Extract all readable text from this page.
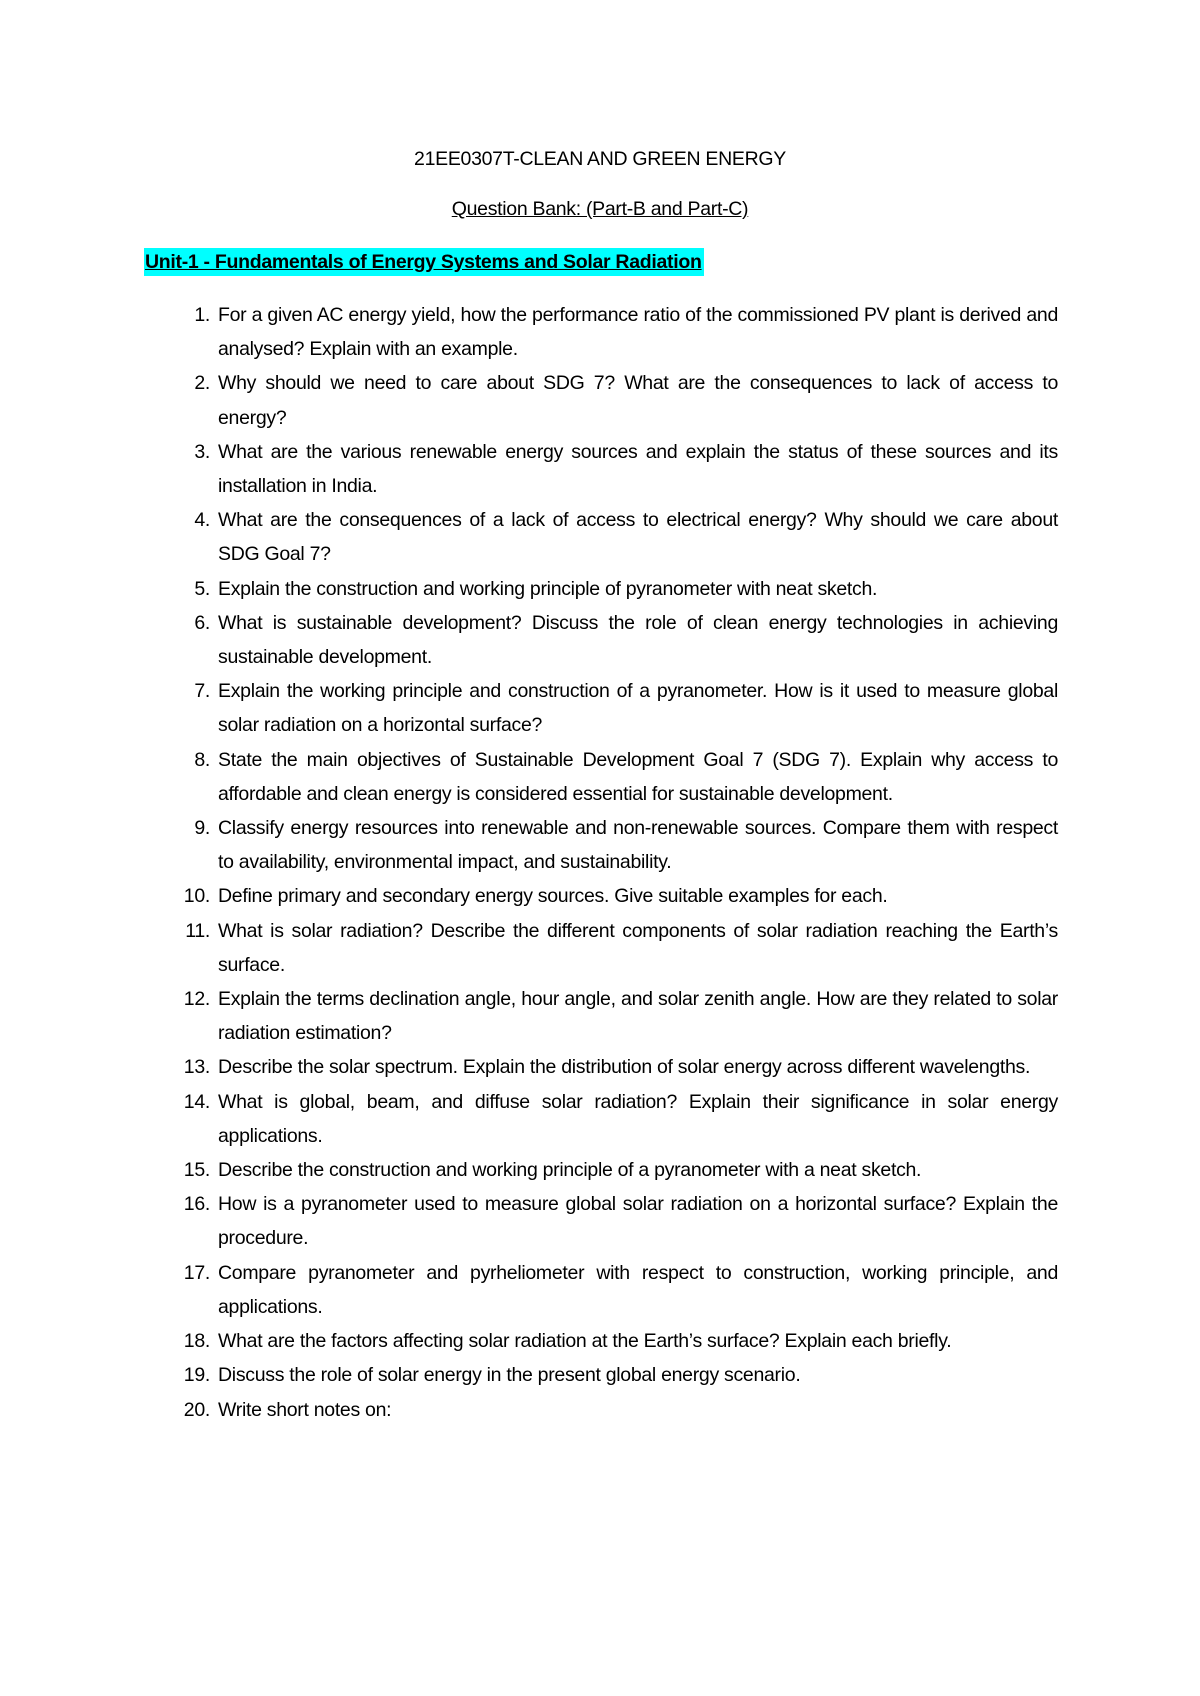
21EE0307T-CLEAN AND GREEN ENERGY
Question Bank: (Part-B and Part-C)
Unit-1 - Fundamentals of Energy Systems and Solar Radiation
1. For a given AC energy yield, how the performance ratio of the commissioned PV plant is derived and analysed? Explain with an example.
2. Why should we need to care about SDG 7? What are the consequences to lack of access to energy?
3. What are the various renewable energy sources and explain the status of these sources and its installation in India.
4. What are the consequences of a lack of access to electrical energy? Why should we care about SDG Goal 7?
5. Explain the construction and working principle of pyranometer with neat sketch.
6. What is sustainable development? Discuss the role of clean energy technologies in achieving sustainable development.
7. Explain the working principle and construction of a pyranometer. How is it used to measure global solar radiation on a horizontal surface?
8. State the main objectives of Sustainable Development Goal 7 (SDG 7). Explain why access to affordable and clean energy is considered essential for sustainable development.
9. Classify energy resources into renewable and non-renewable sources. Compare them with respect to availability, environmental impact, and sustainability.
10. Define primary and secondary energy sources. Give suitable examples for each.
11. What is solar radiation? Describe the different components of solar radiation reaching the Earth’s surface.
12. Explain the terms declination angle, hour angle, and solar zenith angle. How are they related to solar radiation estimation?
13. Describe the solar spectrum. Explain the distribution of solar energy across different wavelengths.
14. What is global, beam, and diffuse solar radiation? Explain their significance in solar energy applications.
15. Describe the construction and working principle of a pyranometer with a neat sketch.
16. How is a pyranometer used to measure global solar radiation on a horizontal surface? Explain the procedure.
17. Compare pyranometer and pyrheliometer with respect to construction, working principle, and applications.
18. What are the factors affecting solar radiation at the Earth’s surface? Explain each briefly.
19. Discuss the role of solar energy in the present global energy scenario.
20. Write short notes on:
